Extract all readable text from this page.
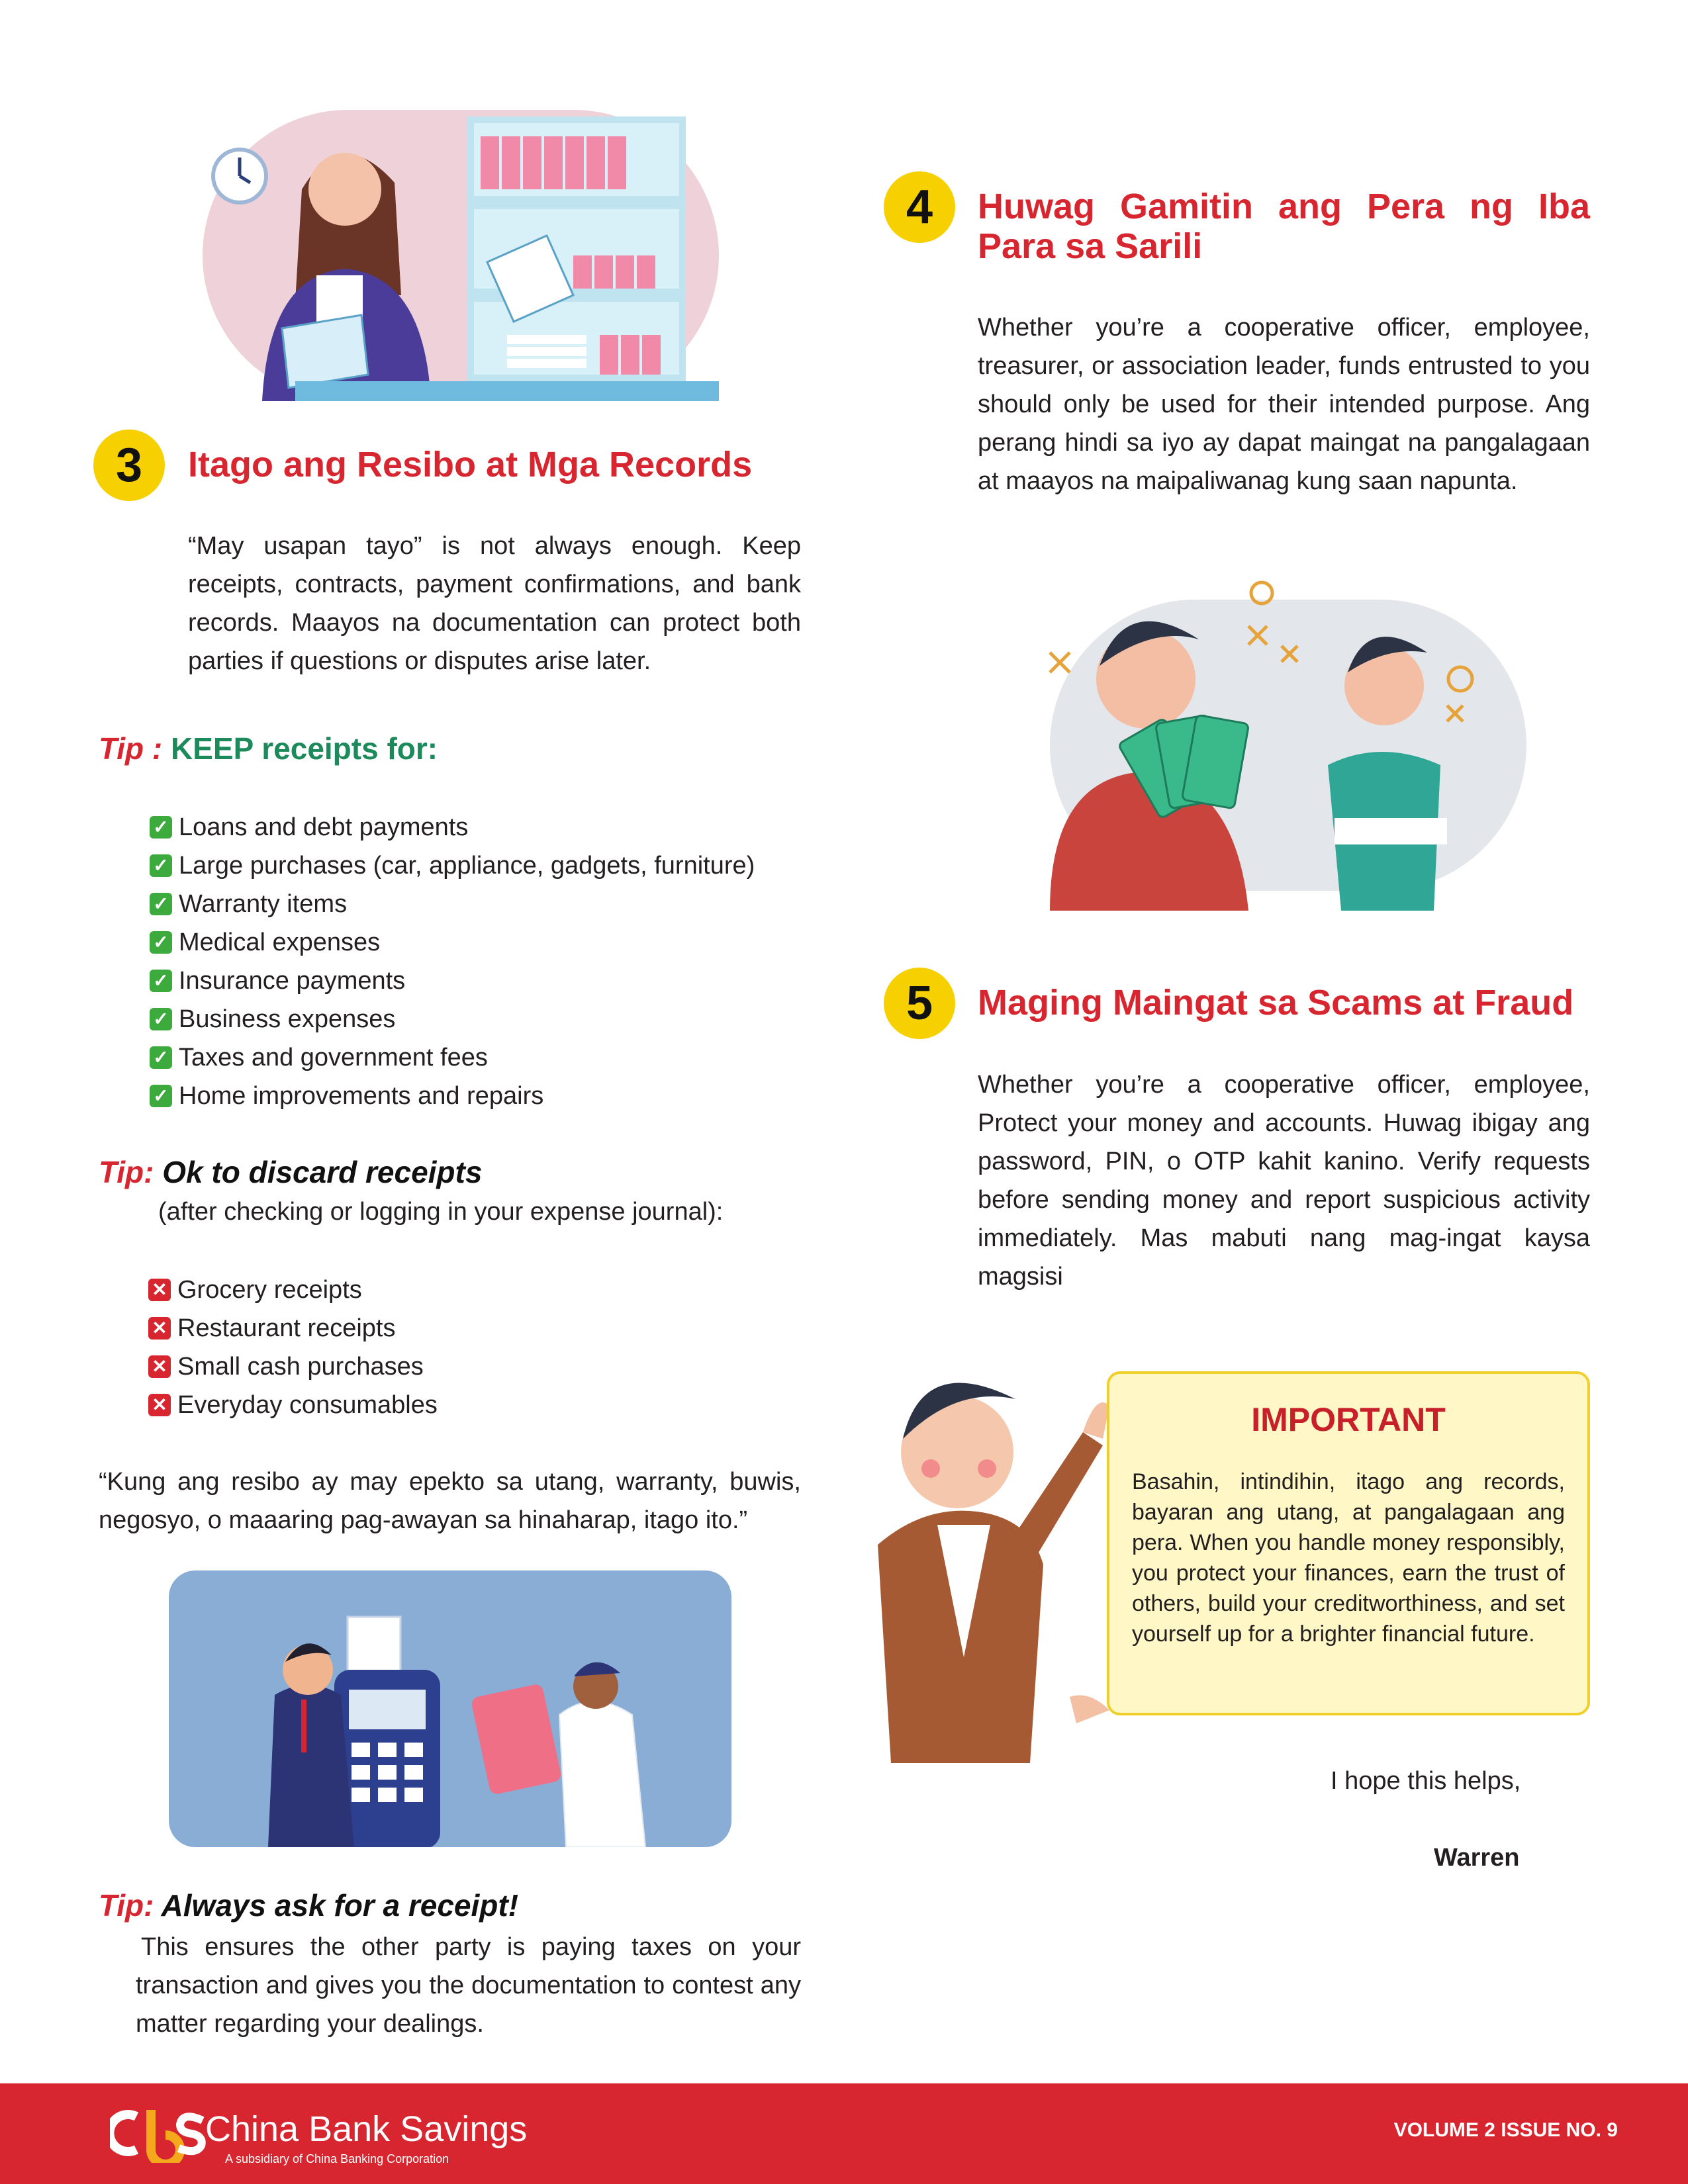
3	Itago ang Resibo at Mga Records

“May usapan tayo” is not always enough. Keep receipts, contracts, payment confirmations, and bank records. Maayos na documentation can protect both parties if questions or disputes arise later.

Tip : KEEP receipts for:

✓ Loans and debt payments
✓ Large purchases (car, appliance, gadgets, furniture)
✓ Warranty items
✓ Medical expenses
✓ Insurance payments
✓ Business expenses
✓ Taxes and government fees
✓ Home improvements and repairs

Tip: Ok to discard receipts

(after checking or logging in your expense journal):

✕ Grocery receipts
✕ Restaurant receipts
✕ Small cash purchases
✕ Everyday consumables

“Kung ang resibo ay may epekto sa utang, warranty, buwis, negosyo, o maaaring pag-awayan sa hinaharap, itago ito.”

Tip: Always ask for a receipt!

This ensures the other party is paying taxes on your transaction and gives you the documentation to contest any matter regarding your dealings.

4	Huwag Gamitin ang Pera ng Iba Para sa Sarili

Whether you’re a cooperative officer, employee, treasurer, or association leader, funds entrusted to you should only be used for their intended purpose. Ang perang hindi sa iyo ay dapat maingat na pangalagaan at maayos na maipaliwanag kung saan napunta.

5	Maging Maingat sa Scams at Fraud

Whether you’re a cooperative officer, employee, Protect your money and accounts. Huwag ibigay ang password, PIN, o OTP kahit kanino. Verify requests before sending money and report suspicious activity immediately. Mas mabuti nang mag-ingat kaysa magsisi

IMPORTANT

Basahin, intindihin, itago ang records, bayaran ang utang, at pangalagaan ang pera. When you handle money responsibly, you protect your finances, earn the trust of others, build your creditworthiness, and set yourself up for a brighter financial future.

I hope this helps,

Warren

China Bank Savings
A subsidiary of China Banking Corporation
VOLUME 2 ISSUE NO. 9
